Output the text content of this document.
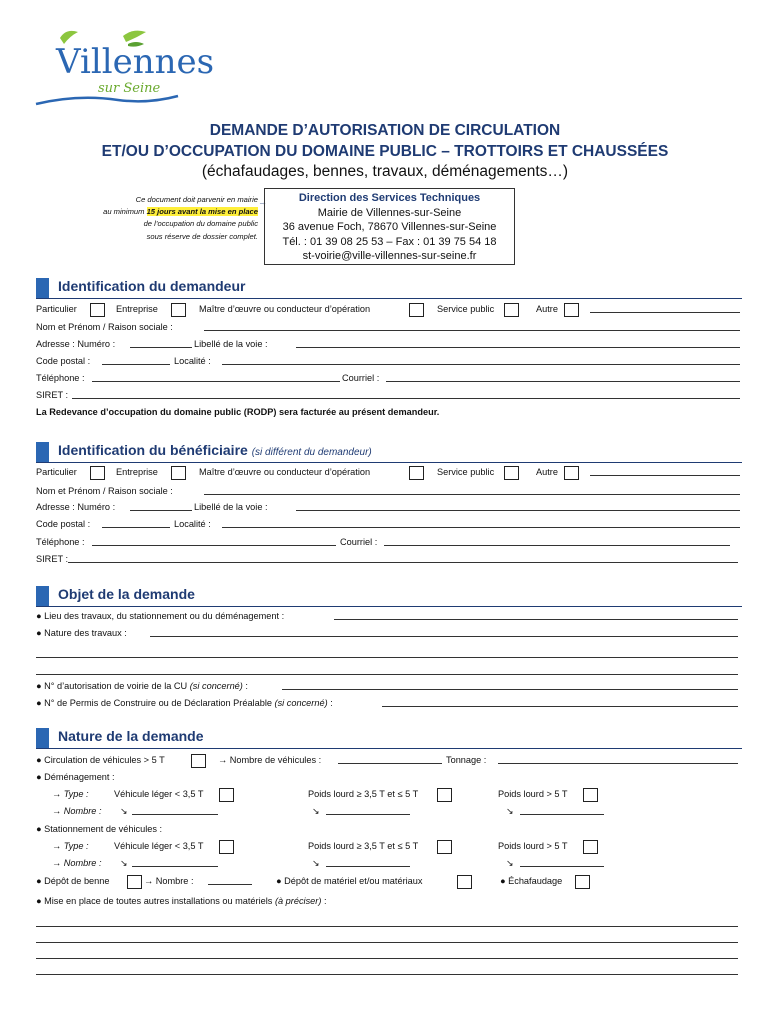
Villennes
sur Seine
DEMANDE D’AUTORISATION DE CIRCULATION
ET/OU D’OCCUPATION DU DOMAINE PUBLIC – TROTTOIRS ET CHAUSSÉES
(échafaudages, bennes, travaux, déménagements…)
Ce document doit parvenir en mairie
au minimum 15 jours avant la mise en place
de l’occupation du domaine public
sous réserve de dossier complet.
→	Direction des Services Techniques
Mairie de Villennes-sur-Seine
36 avenue Foch, 78670 Villennes-sur-Seine
Tél. : 01 39 08 25 53 – Fax : 01 39 75 54 18
st-voirie@ville-villennes-sur-seine.fr
Identification du demandeur
Particulier	Entreprise	Maître d’œuvre ou conducteur d’opération	Service public	Autre
Nom et Prénom / Raison sociale :
Adresse : Numéro :	Libellé de la voie :
Code postal :	Localité :
Téléphone :	Courriel :
SIRET :
La Redevance d’occupation du domaine public (RODP) sera facturée au présent demandeur.
Identification du bénéficiaire (si différent du demandeur)
Particulier	Entreprise	Maître d’œuvre ou conducteur d’opération	Service public	Autre
Nom et Prénom / Raison sociale :
Adresse : Numéro :	Libellé de la voie :
Code postal :	Localité :
Téléphone :	Courriel :
SIRET :
Objet de la demande
● Lieu des travaux, du stationnement ou du déménagement :
● Nature des travaux :
● N° d’autorisation de voirie de la CU (si concerné) :
● N° de Permis de Construire ou de Déclaration Préalable (si concerné) :
Nature de la demande
● Circulation de véhicules > 5 T	→ Nombre de véhicules :	Tonnage :
● Déménagement :
→ Type :	Véhicule léger < 3,5 T	Poids lourd ≥ 3,5 T et ≤ 5 T	Poids lourd > 5 T
→ Nombre : ↘	↘	↘
● Stationnement de véhicules :
→ Type :	Véhicule léger < 3,5 T	Poids lourd ≥ 3,5 T et ≤ 5 T	Poids lourd > 5 T
→ Nombre : ↘	↘	↘
● Dépôt de benne	→ Nombre :	● Dépôt de matériel et/ou matériaux	● Échafaudage
● Mise en place de toutes autres installations ou matériels (à préciser) :
